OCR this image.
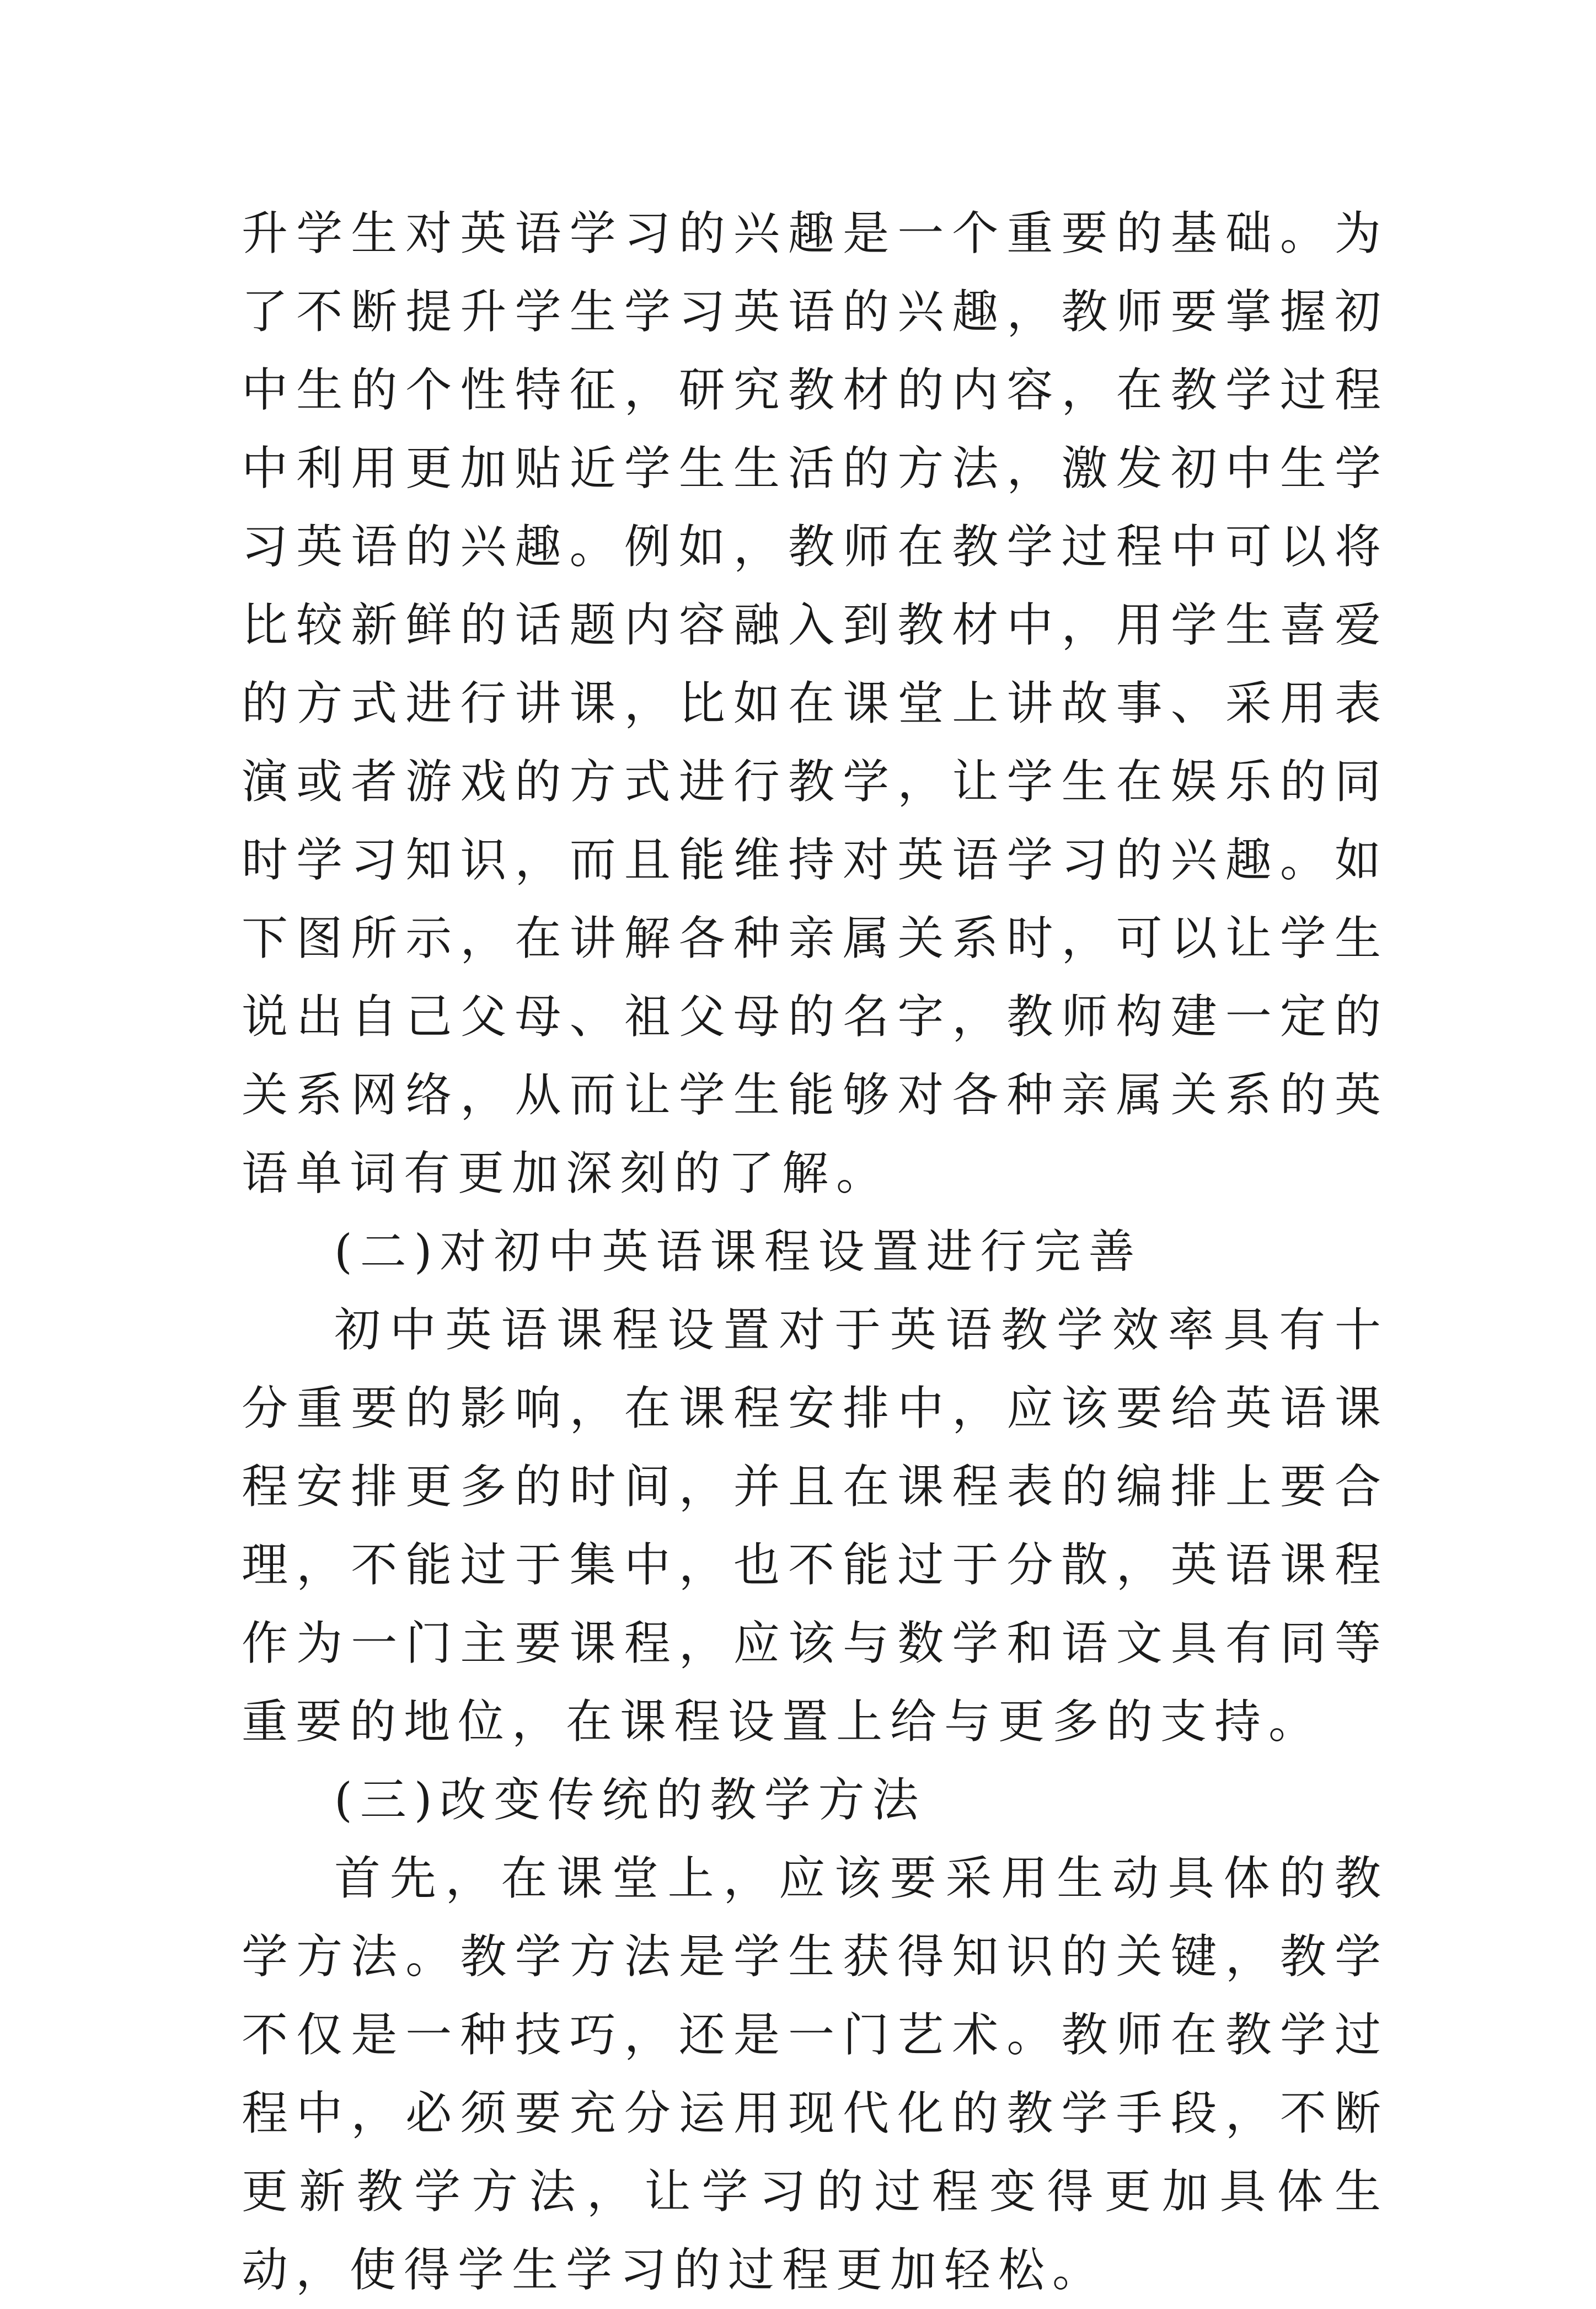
升学生对英语学习的兴趣是一个重要的基础。为了不断提升学生学习英语的兴趣，教师要掌握初中生的个性特征，研究教材的内容，在教学过程中利用更加贴近学生生活的方法，激发初中生学习英语的兴趣。例如，教师在教学过程中可以将比较新鲜的话题内容融入到教材中，用学生喜爱的方式进行讲课，比如在课堂上讲故事、采用表演或者游戏的方式进行教学，让学生在娱乐的同时学习知识，而且能维持对英语学习的兴趣。如下图所示，在讲解各种亲属关系时，可以让学生说出自己父母、祖父母的名字，教师构建一定的关系网络，从而让学生能够对各种亲属关系的英语单词有更加深刻的了解。

(二)对初中英语课程设置进行完善

初中英语课程设置对于英语教学效率具有十分重要的影响，在课程安排中，应该要给英语课程安排更多的时间，并且在课程表的编排上要合理，不能过于集中，也不能过于分散，英语课程作为一门主要课程，应该与数学和语文具有同等重要的地位，在课程设置上给与更多的支持。

(三)改变传统的教学方法

首先，在课堂上，应该要采用生动具体的教学方法。教学方法是学生获得知识的关键，教学不仅是一种技巧，还是一门艺术。教师在教学过程中，必须要充分运用现代化的教学手段，不断更新教学方法，让学习的过程变得更加具体生动，使得学生学习的过程更加轻松。
